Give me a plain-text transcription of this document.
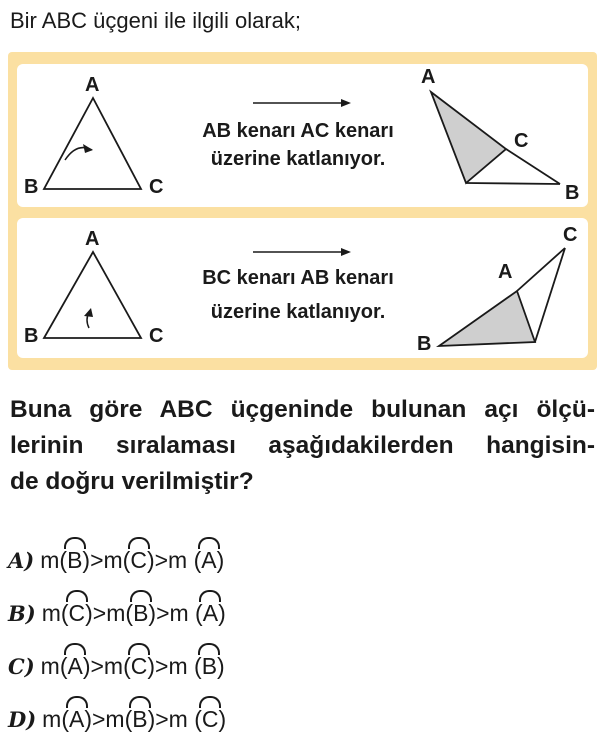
Bir ABC üçgeni ile ilgili olarak;
A
B	C
AB kenarı AC kenarı
üzerine katlanıyor.
A
C
B
A
B	C
BC kenarı AB kenarı
üzerine katlanıyor.
C
A
B
Buna göre ABC üçgeninde bulunan açı ölçü-
lerinin sıralaması aşağıdakilerden hangisin-
de doğru verilmiştir?
A) m(B)>m(C)>m (A)
B) m(C)>m(B)>m (A)
C) m(A)>m(C)>m (B)
D) m(A)>m(B)>m (C)
